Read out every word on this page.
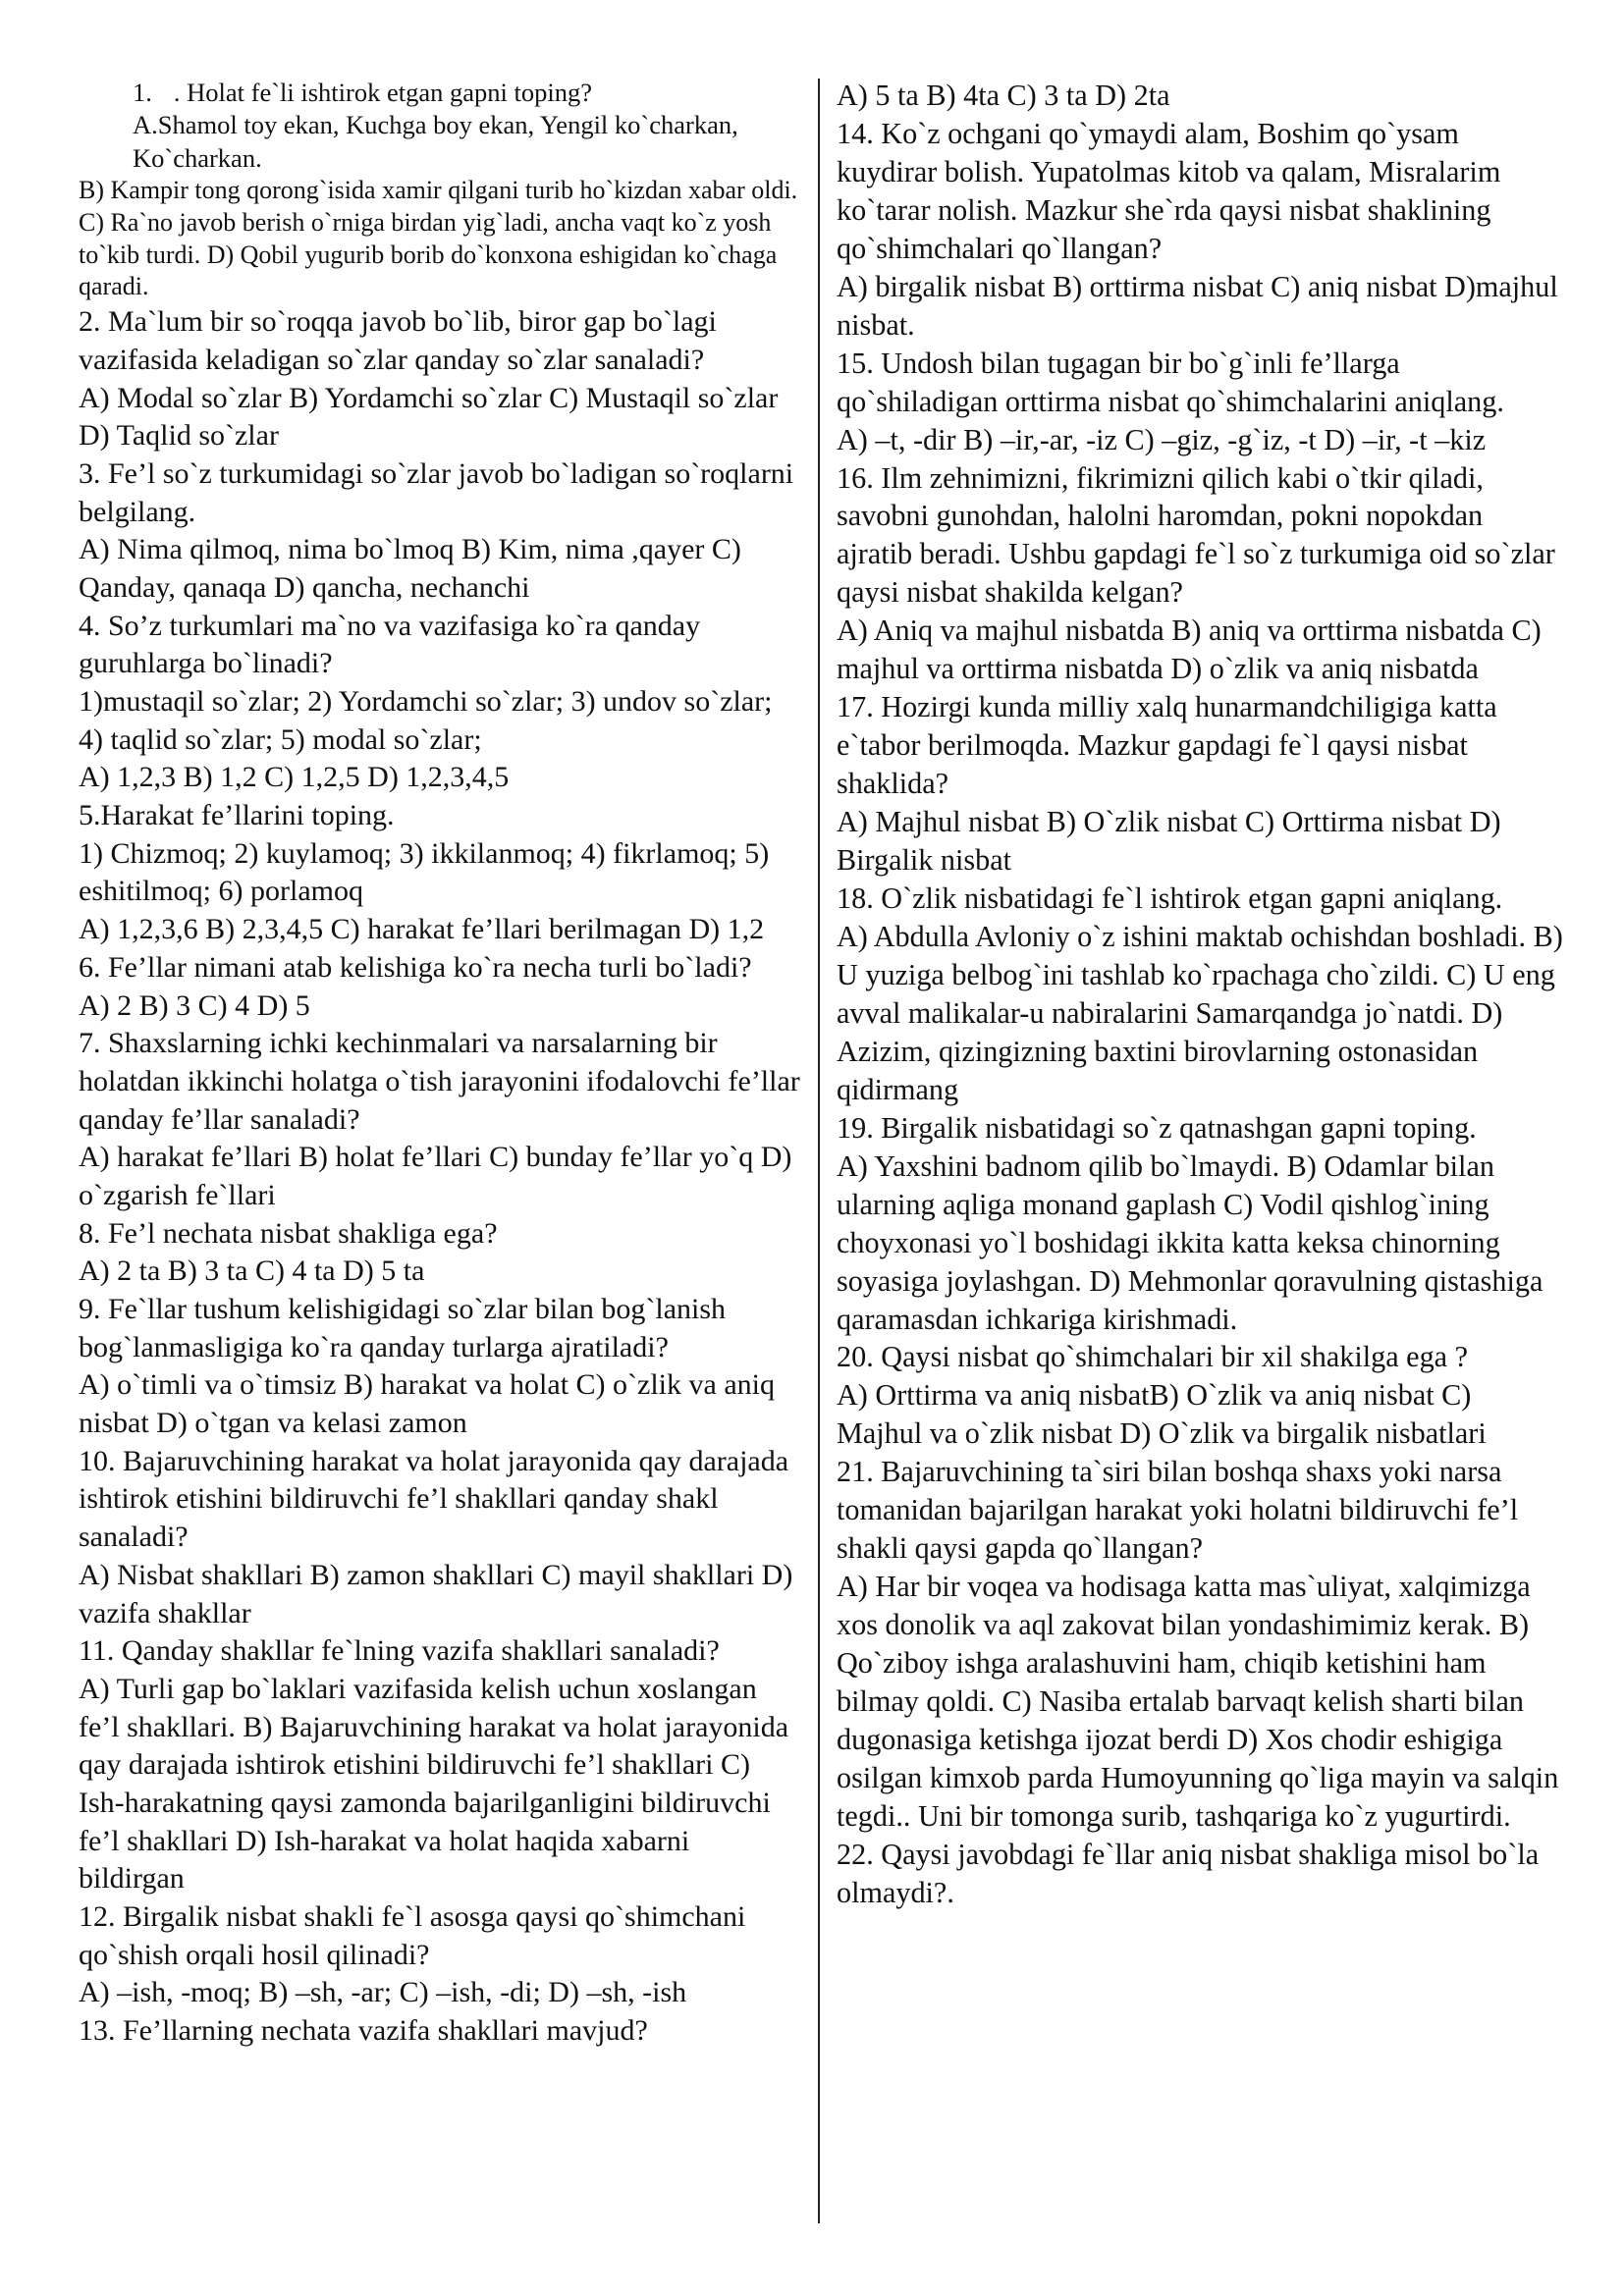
1. . Holat fe`li ishtirok etgan gapni toping?

A.Shamol toy ekan, Kuchga boy ekan, Yengil ko`charkan, Ko`charkan.

B) Kampir tong qorong`isida xamir qilgani turib ho`kizdan xabar oldi. C) Ra`no javob berish o`rniga birdan yig`ladi, ancha vaqt ko`z yosh to`kib turdi. D) Qobil yugurib borib do`konxona eshigidan ko`chaga qaradi.

2. Ma`lum bir so`roqqa javob bo`lib, biror gap bo`lagi vazifasida keladigan so`zlar qanday so`zlar sanaladi?

A) Modal so`zlar B) Yordamchi so`zlar C) Mustaqil so`zlar D) Taqlid so`zlar

3. Fe’l so`z turkumidagi so`zlar javob bo`ladigan so`roqlarni belgilang.

A) Nima qilmoq, nima bo`lmoq B) Kim, nima ,qayer C) Qanday, qanaqa D) qancha, nechanchi

4. So’z turkumlari ma`no va vazifasiga ko`ra qanday guruhlarga bo`linadi?

1)mustaqil so`zlar; 2) Yordamchi so`zlar; 3) undov so`zlar; 4) taqlid so`zlar; 5) modal so`zlar;

A) 1,2,3 B) 1,2 C) 1,2,5 D) 1,2,3,4,5

5.Harakat fe’llarini toping.

1) Chizmoq; 2) kuylamoq; 3) ikkilanmoq; 4) fikrlamoq; 5) eshitilmoq; 6) porlamoq

A) 1,2,3,6 B) 2,3,4,5 C) harakat fe’llari berilmagan D) 1,2

6. Fe’llar nimani atab kelishiga ko`ra necha turli bo`ladi?

A) 2 B) 3 C) 4 D) 5

7. Shaxslarning ichki kechinmalari va narsalarning bir holatdan ikkinchi holatga o`tish jarayonini ifodalovchi fe’llar qanday fe’llar sanaladi?

A) harakat fe’llari B) holat fe’llari C) bunday fe’llar yo`q D) o`zgarish fe`llari

8. Fe’l nechata nisbat shakliga ega?

A) 2 ta B) 3 ta C) 4 ta D) 5 ta

9. Fe`llar tushum kelishigidagi so`zlar bilan bog`lanish bog`lanmasligiga ko`ra qanday turlarga ajratiladi?

A) o`timli va o`timsiz B) harakat va holat C) o`zlik va aniq nisbat D) o`tgan va kelasi zamon

10. Bajaruvchining harakat va holat jarayonida qay darajada ishtirok etishini bildiruvchi fe’l shakllari qanday shakl sanaladi?

A) Nisbat shakllari B) zamon shakllari C) mayil shakllari D) vazifa shakllar

11. Qanday shakllar fe`lning vazifa shakllari sanaladi?

A) Turli gap bo`laklari vazifasida kelish uchun xoslangan fe’l shakllari. B) Bajaruvchining harakat va holat jarayonida qay darajada ishtirok etishini bildiruvchi fe’l shakllari C) Ish-harakatning qaysi zamonda bajarilganligini bildiruvchi fe’l shakllari D) Ish-harakat va holat haqida xabarni bildirgan

12. Birgalik nisbat shakli fe`l asosga qaysi qo`shimchani qo`shish orqali hosil qilinadi?

A) –ish, -moq; B) –sh, -ar; C) –ish, -di; D) –sh, -ish

13. Fe’llarning nechata vazifa shakllari mavjud?

A) 5 ta B) 4ta C) 3 ta D) 2ta

14. Ko`z ochgani qo`ymaydi alam, Boshim qo`ysam kuydirar bolish. Yupatolmas kitob va qalam, Misralarim ko`tarar nolish. Mazkur she`rda qaysi nisbat shaklining qo`shimchalari qo`llangan?

A) birgalik nisbat B) orttirma nisbat C) aniq nisbat D)majhul nisbat.

15. Undosh bilan tugagan bir bo`g`inli fe’llarga qo`shiladigan orttirma nisbat qo`shimchalarini aniqlang.

A) –t, -dir B) –ir,-ar, -iz C) –giz, -g`iz, -t D) –ir, -t –kiz

16. Ilm zehnimizni, fikrimizni qilich kabi o`tkir qiladi, savobni gunohdan, halolni haromdan, pokni nopokdan ajratib beradi. Ushbu gapdagi fe`l so`z turkumiga oid so`zlar qaysi nisbat shakilda kelgan?

A) Aniq va majhul nisbatda B) aniq va orttirma nisbatda C) majhul va orttirma nisbatda D) o`zlik va aniq nisbatda

17. Hozirgi kunda milliy xalq hunarmandchiligiga katta e`tabor berilmoqda. Mazkur gapdagi fe`l qaysi nisbat shaklida?

A) Majhul nisbat B) O`zlik nisbat C) Orttirma nisbat D) Birgalik nisbat

18. O`zlik nisbatidagi fe`l ishtirok etgan gapni aniqlang.

A) Abdulla Avloniy o`z ishini maktab ochishdan boshladi. B) U yuziga belbog`ini tashlab ko`rpachaga cho`zildi. C) U eng avval malikalar-u nabiralarini Samarqandga jo`natdi. D) Azizim, qizingizning baxtini birovlarning ostonasidan qidirmang

19. Birgalik nisbatidagi so`z qatnashgan gapni toping.

A) Yaxshini badnom qilib bo`lmaydi. B) Odamlar bilan ularning aqliga monand gaplash C) Vodil qishlog`ining choyxonasi yo`l boshidagi ikkita katta keksa chinorning soyasiga joylashgan. D) Mehmonlar qoravulning qistashiga qaramasdan ichkariga kirishmadi.

20. Qaysi nisbat qo`shimchalari bir xil shakilga ega ?

A) Orttirma va aniq nisbatB) O`zlik va aniq nisbat C) Majhul va o`zlik nisbat D) O`zlik va birgalik nisbatlari

21. Bajaruvchining ta`siri bilan boshqa shaxs yoki narsa tomanidan bajarilgan harakat yoki holatni bildiruvchi fe’l shakli qaysi gapda qo`llangan?

A) Har bir voqea va hodisaga katta mas`uliyat, xalqimizga xos donolik va aql zakovat bilan yondashimimiz kerak. B) Qo`ziboy ishga aralashuvini ham, chiqib ketishini ham bilmay qoldi. C) Nasiba ertalab barvaqt kelish sharti bilan dugonasiga ketishga ijozat berdi D) Xos chodir eshigiga osilgan kimxob parda Humoyunning qo`liga mayin va salqin tegdi.. Uni bir tomonga surib, tashqariga ko`z yugurtirdi.

22. Qaysi javobdagi fe`llar aniq nisbat shakliga misol bo`la olmaydi?.
